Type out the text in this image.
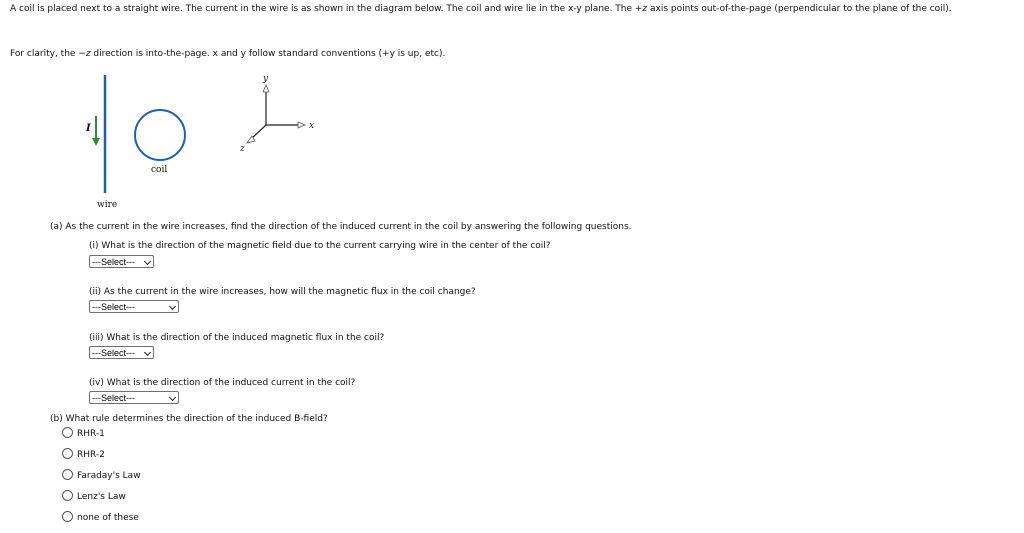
A coil is placed next to a straight wire. The current in the wire is as shown in the diagram below. The coil and wire lie in the x-y plane. The +z axis points out-of-the-page (perpendicular to the plane of the coil).
For clarity, the −z direction is into-the-page. x and y follow standard conventions (+y is up, etc).
I
coil
wire
y
x
z
(a) As the current in the wire increases, find the direction of the induced current in the coil by answering the following questions.
(i) What is the direction of the magnetic field due to the current carrying wire in the center of the coil?
---Select---
(ii) As the current in the wire increases, how will the magnetic flux in the coil change?
---Select---
(iii) What is the direction of the induced magnetic flux in the coil?
---Select---
(iv) What is the direction of the induced current in the coil?
---Select---
(b) What rule determines the direction of the induced B-field?
RHR-1
RHR-2
Faraday's Law
Lenz's Law
none of these
